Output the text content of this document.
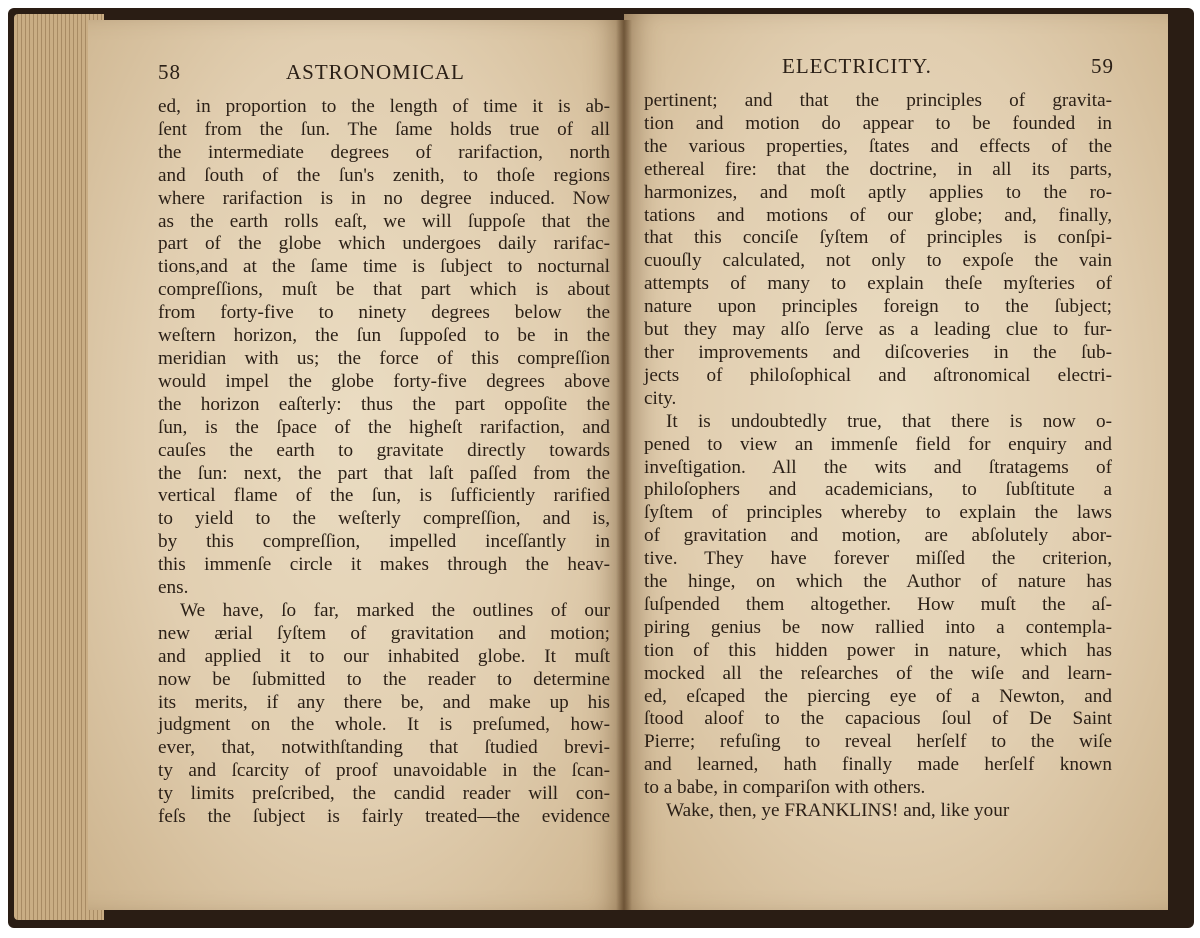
58	ASTRONOMICAL
ed, in proportion to the length of time it is ab-
ſent from the ſun. The ſame holds true of all
the intermediate degrees of rarifaction, north
and ſouth of the ſun's zenith, to thoſe regions
where rarifaction is in no degree induced. Now
as the earth rolls eaſt, we will ſuppoſe that the
part of the globe which undergoes daily rarifac-
tions,and at the ſame time is ſubject to nocturnal
compreſſions, muſt be that part which is about
from forty-five to ninety degrees below the
weſtern horizon, the ſun ſuppoſed to be in the
meridian with us; the force of this compreſſion
would impel the globe forty-five degrees above
the horizon eaſterly: thus the part oppoſite the
ſun, is the ſpace of the higheſt rarifaction, and
cauſes the earth to gravitate directly towards
the ſun: next, the part that laſt paſſed from the
vertical flame of the ſun, is ſufficiently rarified
to yield to the weſterly compreſſion, and is,
by this compreſſion, impelled inceſſantly in
this immenſe circle it makes through the heav-
ens.
We have, ſo far, marked the outlines of our
new ærial ſyſtem of gravitation and motion;
and applied it to our inhabited globe. It muſt
now be ſubmitted to the reader to determine
its merits, if any there be, and make up his
judgment on the whole. It is preſumed, how-
ever, that, notwithſtanding that ſtudied brevi-
ty and ſcarcity of proof unavoidable in the ſcan-
ty limits preſcribed, the candid reader will con-
feſs the ſubject is fairly treated—the evidence
ELECTRICITY.	59
pertinent; and that the principles of gravita-
tion and motion do appear to be founded in
the various properties, ſtates and effects of the
ethereal fire: that the doctrine, in all its parts,
harmonizes, and moſt aptly applies to the ro-
tations and motions of our globe; and, finally,
that this conciſe ſyſtem of principles is conſpi-
cuouſly calculated, not only to expoſe the vain
attempts of many to explain theſe myſteries of
nature upon principles foreign to the ſubject;
but they may alſo ſerve as a leading clue to fur-
ther improvements and diſcoveries in the ſub-
jects of philoſophical and aſtronomical electri-
city.
It is undoubtedly true, that there is now o-
pened to view an immenſe field for enquiry and
inveſtigation. All the wits and ſtratagems of
philoſophers and academicians, to ſubſtitute a
ſyſtem of principles whereby to explain the laws
of gravitation and motion, are abſolutely abor-
tive. They have forever miſſed the criterion,
the hinge, on which the Author of nature has
ſuſpended them altogether. How muſt the aſ-
piring genius be now rallied into a contempla-
tion of this hidden power in nature, which has
mocked all the reſearches of the wiſe and learn-
ed, eſcaped the piercing eye of a Newton, and
ſtood aloof to the capacious ſoul of De Saint
Pierre; refuſing to reveal herſelf to the wiſe
and learned, hath finally made herſelf known
to a babe, in compariſon with others.
Wake, then, ye FRANKLINS! and, like your
